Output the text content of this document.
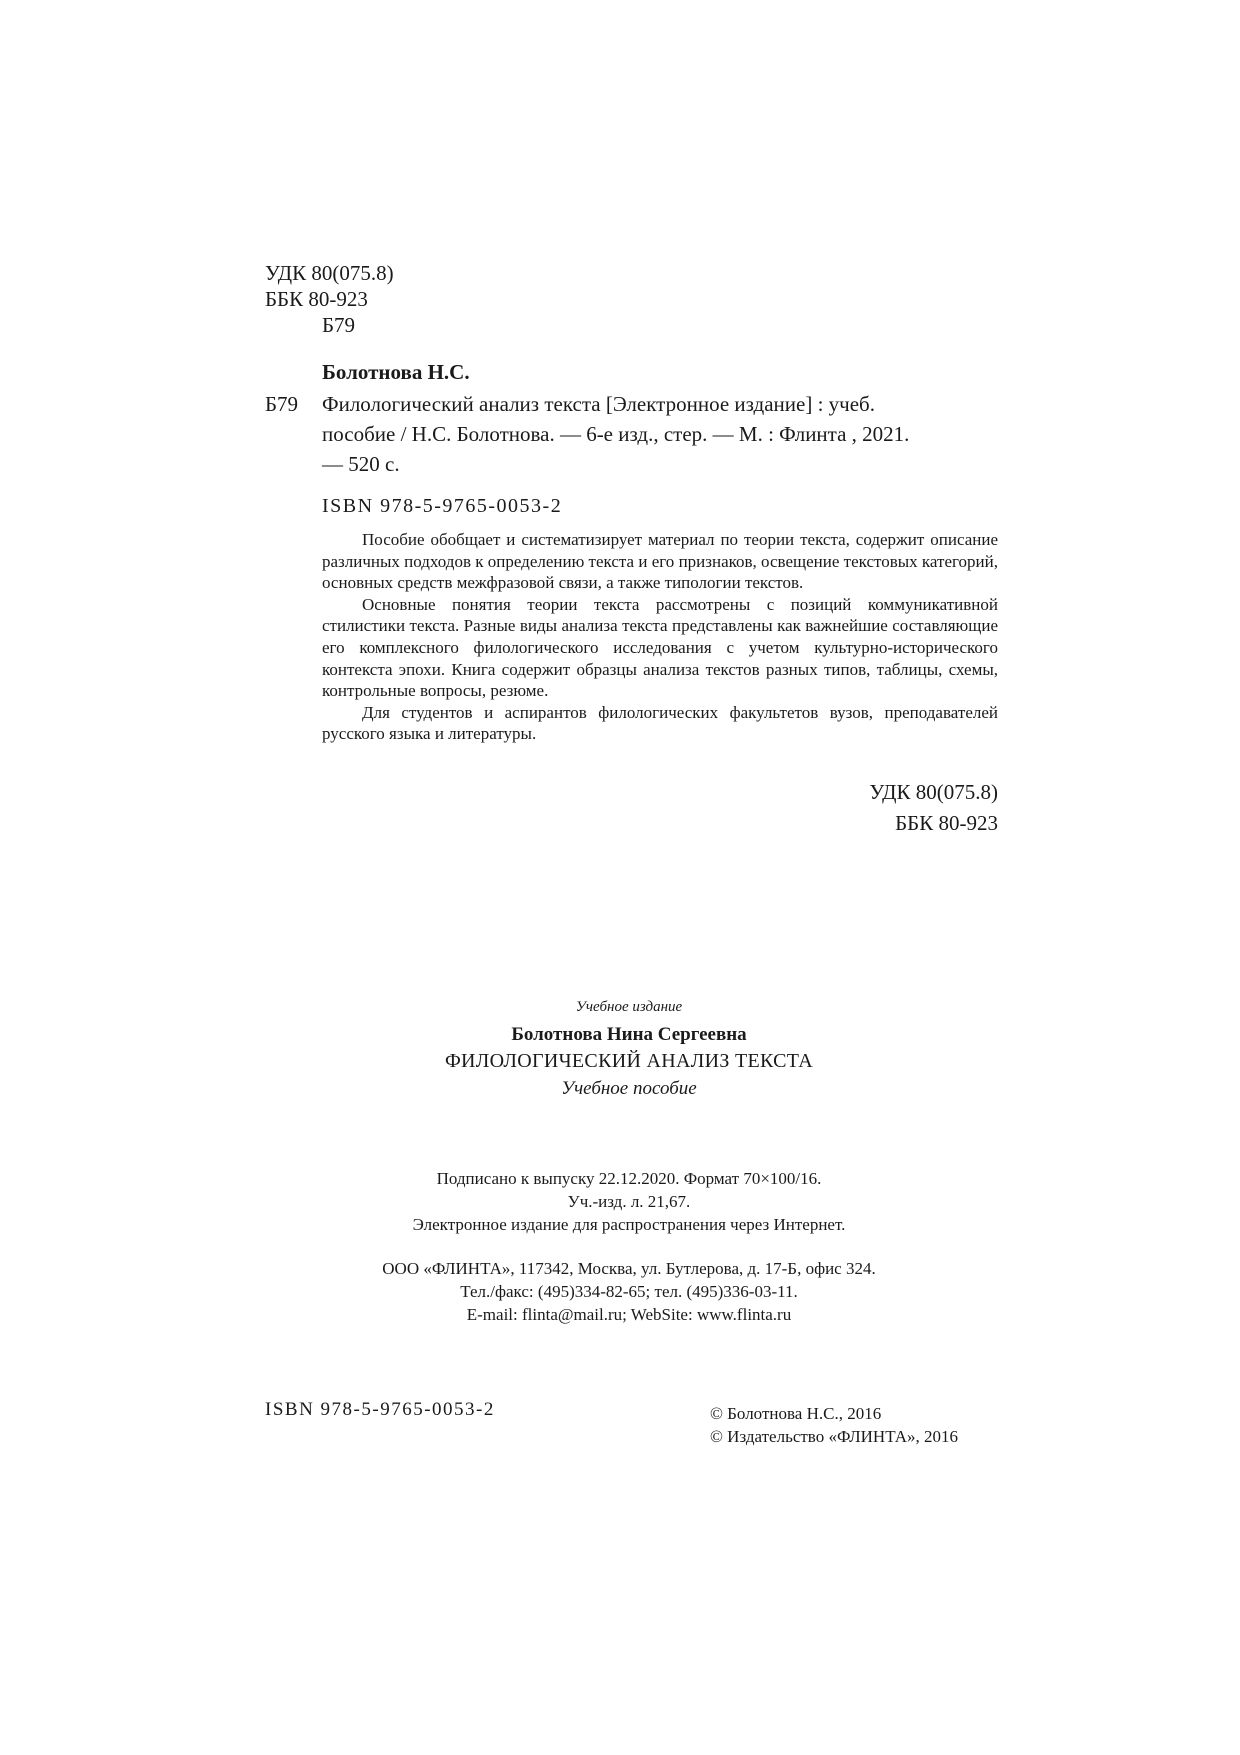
УДК 80(075.8)
ББК 80-923
Б79
Болотнова Н.С.
Б79 Филологический анализ текста [Электронное издание] : учеб.
пособие / Н.С. Болотнова. — 6-е изд., стер. — М. : Флинта , 2021.
— 520 с.
ISBN 978-5-9765-0053-2

Пособие обобщает и систематизирует материал по теории текста, содержит описание различных подходов к определению текста и его признаков, освещение текстовых категорий, основных средств межфразовой связи, а также типологии текстов.

Основные понятия теории текста рассмотрены с позиций коммуникативной стилистики текста. Разные виды анализа текста представлены как важнейшие составляющие его комплексного филологического исследования с учетом культурно-исторического контекста эпохи. Книга содержит образцы анализа текстов разных типов, таблицы, схемы, контрольные вопросы, резюме.

Для студентов и аспирантов филологических факультетов вузов, преподавателей русского языка и литературы.

УДК 80(075.8)
ББК 80-923
Учебное издание
Болотнова Нина Сергеевна
ФИЛОЛОГИЧЕСКИЙ АНАЛИЗ ТЕКСТА
Учебное пособие
Подписано к выпуску 22.12.2020. Формат 70×100/16.
Уч.-изд. л. 21,67.
Электронное издание для распространения через Интернет.
ООО «ФЛИНТА», 117342, Москва, ул. Бутлерова, д. 17-Б, офис 324.
Тел./факс: (495)334-82-65; тел. (495)336-03-11.
E-mail: flinta@mail.ru; WebSite: www.flinta.ru
ISBN 978-5-9765-0053-2	© Болотнова Н.С., 2016
© Издательство «ФЛИНТА», 2016
